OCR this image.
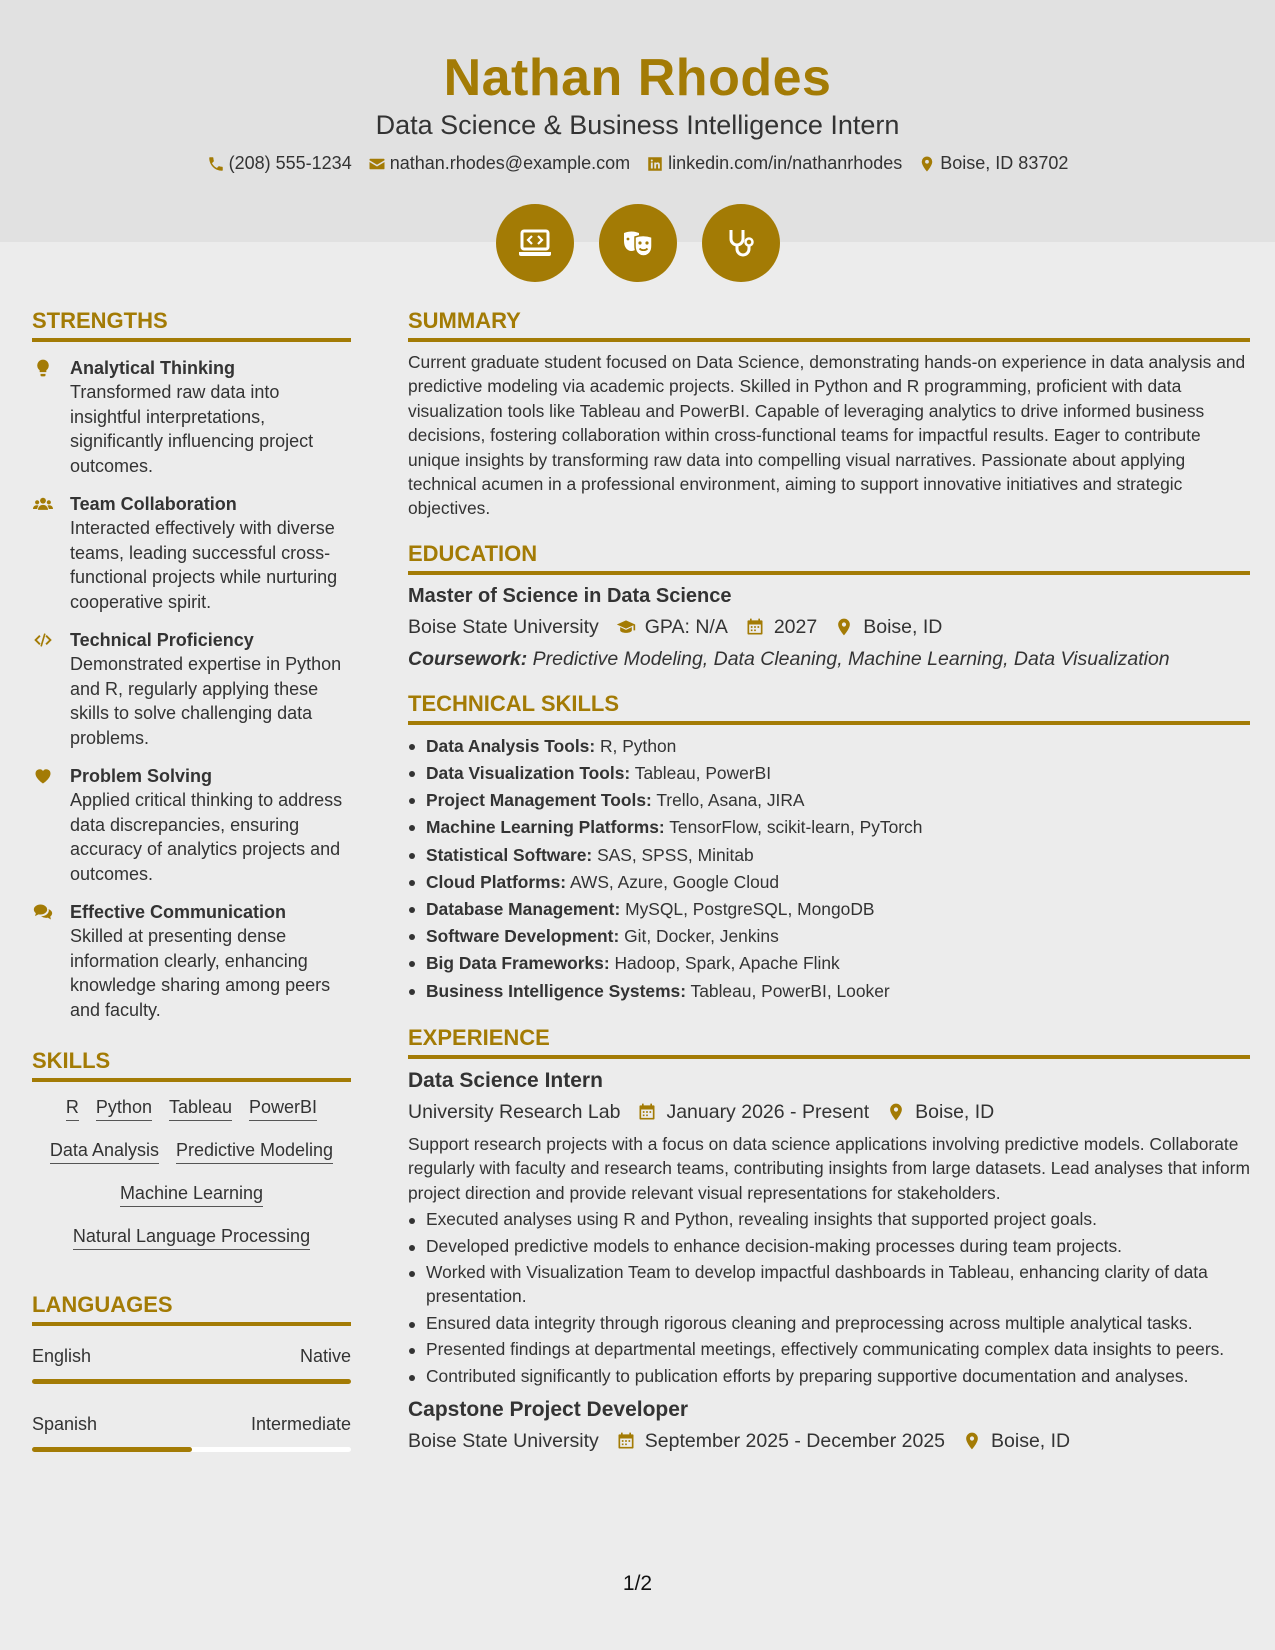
Nathan Rhodes
Data Science & Business Intelligence Intern
(208) 555-1234 nathan.rhodes@example.com linkedin.com/in/nathanrhodes Boise, ID 83702
STRENGTHS
Analytical Thinking
Transformed raw data into insightful interpretations, significantly influencing project outcomes.
Team Collaboration
Interacted effectively with diverse teams, leading successful cross-functional projects while nurturing cooperative spirit.
Technical Proficiency
Demonstrated expertise in Python and R, regularly applying these skills to solve challenging data problems.
Problem Solving
Applied critical thinking to address data discrepancies, ensuring accuracy of analytics projects and outcomes.
Effective Communication
Skilled at presenting dense information clearly, enhancing knowledge sharing among peers and faculty.
SKILLS
R Python Tableau PowerBI
Data Analysis Predictive Modeling
Machine Learning
Natural Language Processing
LANGUAGES
English	Native
Spanish	Intermediate
SUMMARY
Current graduate student focused on Data Science, demonstrating hands-on experience in data analysis and predictive modeling via academic projects. Skilled in Python and R programming, proficient with data visualization tools like Tableau and PowerBI. Capable of leveraging analytics to drive informed business decisions, fostering collaboration within cross-functional teams for impactful results. Eager to contribute unique insights by transforming raw data into compelling visual narratives. Passionate about applying technical acumen in a professional environment, aiming to support innovative initiatives and strategic objectives.
EDUCATION
Master of Science in Data Science
Boise State University GPA: N/A 2027 Boise, ID
Coursework: Predictive Modeling, Data Cleaning, Machine Learning, Data Visualization
TECHNICAL SKILLS
Data Analysis Tools: R, Python
Data Visualization Tools: Tableau, PowerBI
Project Management Tools: Trello, Asana, JIRA
Machine Learning Platforms: TensorFlow, scikit-learn, PyTorch
Statistical Software: SAS, SPSS, Minitab
Cloud Platforms: AWS, Azure, Google Cloud
Database Management: MySQL, PostgreSQL, MongoDB
Software Development: Git, Docker, Jenkins
Big Data Frameworks: Hadoop, Spark, Apache Flink
Business Intelligence Systems: Tableau, PowerBI, Looker
EXPERIENCE
Data Science Intern
University Research Lab January 2026 - Present Boise, ID
Support research projects with a focus on data science applications involving predictive models. Collaborate regularly with faculty and research teams, contributing insights from large datasets. Lead analyses that inform project direction and provide relevant visual representations for stakeholders.
Executed analyses using R and Python, revealing insights that supported project goals.
Developed predictive models to enhance decision-making processes during team projects.
Worked with Visualization Team to develop impactful dashboards in Tableau, enhancing clarity of data presentation.
Ensured data integrity through rigorous cleaning and preprocessing across multiple analytical tasks.
Presented findings at departmental meetings, effectively communicating complex data insights to peers.
Contributed significantly to publication efforts by preparing supportive documentation and analyses.
Capstone Project Developer
Boise State University September 2025 - December 2025 Boise, ID
1/2
